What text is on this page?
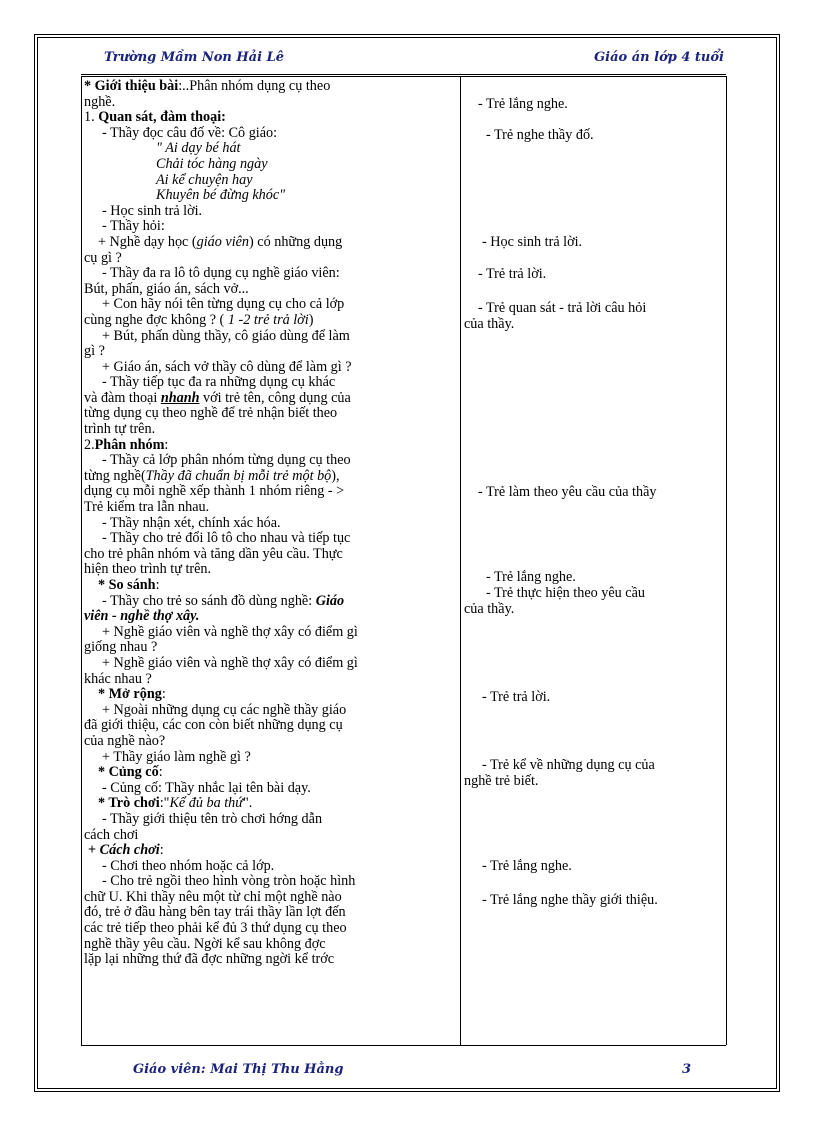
Trường Mầm Non Hải Lê	Giáo án lớp 4 tuổi
* Giới thiệu bài:..Phân nhóm dụng cụ theo
nghề.
1. Quan sát, đàm thoại:
- Thầy đọc câu đố về: Cô giáo:
" Ai dạy bé hát
Chải tóc hàng ngày
Ai kể chuyện hay
Khuyên bé đừng khóc"
- Học sinh trả lời.
- Thầy hỏi:
+ Nghề dạy học (giáo viên) có những dụng
cụ gì ?
- Thầy đa ra lô tô dụng cụ nghề giáo viên:
Bút, phấn, giáo án, sách vở...
+ Con hãy nói tên từng dụng cụ cho cả lớp
cùng nghe đợc không ? ( 1 -2 trẻ trả lời)
+ Bút, phấn dùng thầy, cô giáo dùng để làm
gì ?
+ Giáo án, sách vở thầy cô dùng để làm gì ?
- Thầy tiếp tục đa ra những dụng cụ khác
và đàm thoại nhanh với trẻ tên, công dụng của
từng dụng cụ theo nghề để trẻ nhận biết theo
trình tự trên.
2.Phân nhóm:
- Thầy cả lớp phân nhóm từng dụng cụ theo
từng nghề(Thầy đã chuẩn bị mỗi trẻ một bộ),
dụng cụ mỗi nghề xếp thành 1 nhóm riêng - >
Trẻ kiểm tra lẫn nhau.
- Thầy nhận xét, chính xác hóa.
- Thầy cho trẻ đổi lô tô cho nhau và tiếp tục
cho trẻ phân nhóm và tăng dần yêu cầu. Thực
hiện theo trình tự trên.
* So sánh:
- Thầy cho trẻ so sánh đồ dùng nghề: Giáo
viên - nghề thợ xây.
+ Nghề giáo viên và nghề thợ xây có điểm gì
giống nhau ?
+ Nghề giáo viên và nghề thợ xây có điểm gì
khác nhau ?
* Mở rộng:
+ Ngoài những dụng cụ các nghề thầy giáo
đã giới thiệu, các con còn biết những dụng cụ
của nghề nào?
+ Thầy giáo làm nghề gì ?
* Củng cố:
- Củng cố: Thầy nhắc lại tên bài dạy.
* Trò chơi:"Kể đủ ba thứ".
- Thầy giới thiệu tên trò chơi hớng dẫn
cách chơi
+ Cách chơi:
- Chơi theo nhóm hoặc cả lớp.
- Cho trẻ ngồi theo hình vòng tròn hoặc hình
chữ U. Khi thầy nêu một từ chỉ một nghề nào
đó, trẻ ở đầu hàng bên tay trái thầy lần lợt đến
các trẻ tiếp theo phải kể đủ 3 thứ dụng cụ theo
nghề thầy yêu cầu. Ngời kể sau không đợc
lặp lại những thứ đã đợc những ngời kể trớc
- Trẻ lắng nghe.
- Trẻ nghe thầy đố.
- Học sinh trả lời.
- Trẻ trả lời.
- Trẻ quan sát - trả lời câu hỏi
của thầy.
- Trẻ làm theo yêu cầu của thầy
- Trẻ lắng nghe.
- Trẻ thực hiện theo yêu cầu
của thầy.
- Trẻ trả lời.
- Trẻ kể về những dụng cụ của
nghề trẻ biết.
- Trẻ lắng nghe.
- Trẻ lắng nghe thầy giới thiệu.
Giáo viên: Mai Thị Thu Hằng	3
